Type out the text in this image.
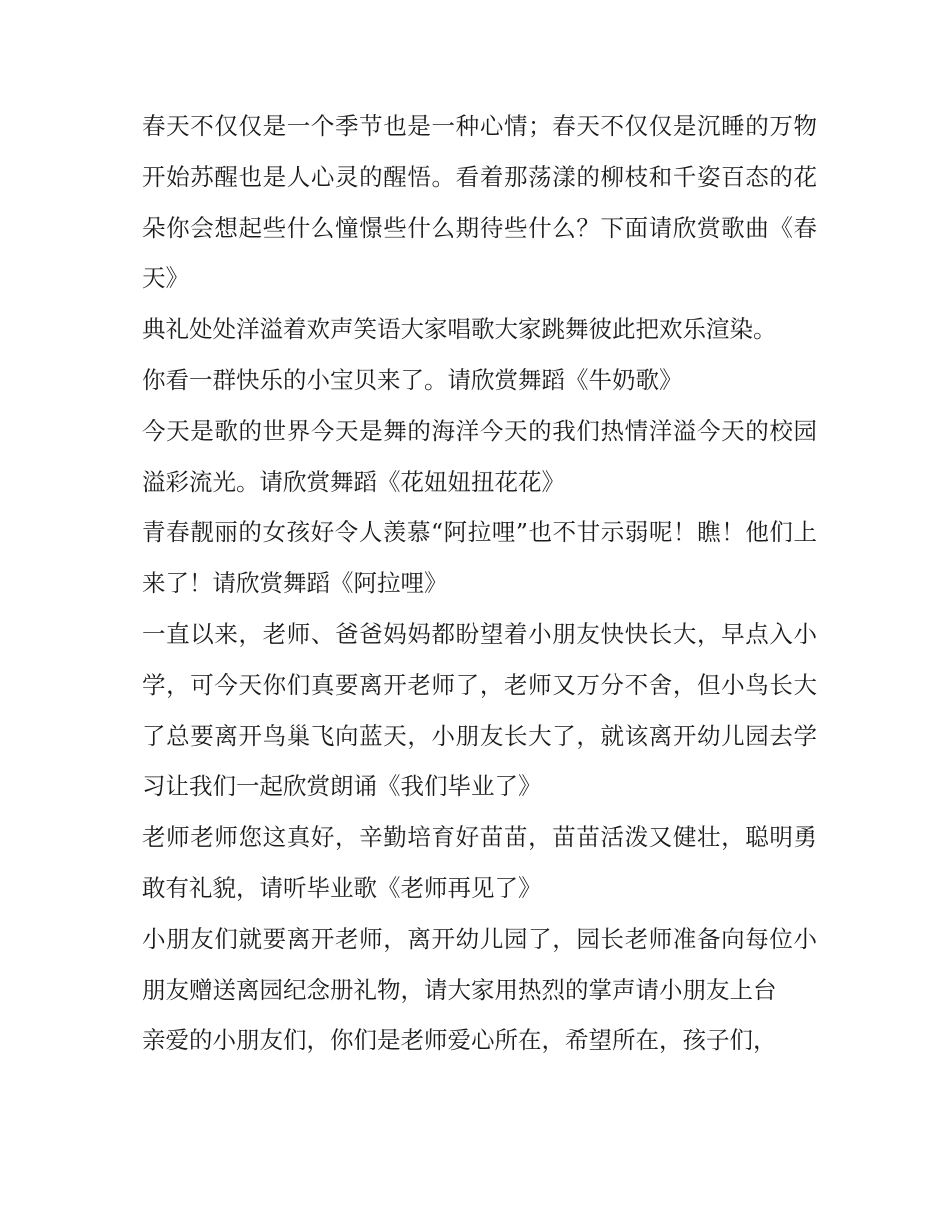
春天不仅仅是一个季节也是一种心情；春天不仅仅是沉睡的万物开始苏醒也是人心灵的醒悟。看着那荡漾的柳枝和千姿百态的花朵你会想起些什么憧憬些什么期待些什么？下面请欣赏歌曲《春天》

典礼处处洋溢着欢声笑语大家唱歌大家跳舞彼此把欢乐渲染。

你看一群快乐的小宝贝来了。请欣赏舞蹈《牛奶歌》

今天是歌的世界今天是舞的海洋今天的我们热情洋溢今天的校园溢彩流光。请欣赏舞蹈《花妞妞扭花花》

青春靓丽的女孩好令人羡慕“阿拉哩”也不甘示弱呢！瞧！他们上来了！请欣赏舞蹈《阿拉哩》

一直以来，老师、爸爸妈妈都盼望着小朋友快快长大，早点入小学，可今天你们真要离开老师了，老师又万分不舍，但小鸟长大了总要离开鸟巢飞向蓝天，小朋友长大了，就该离开幼儿园去学习让我们一起欣赏朗诵《我们毕业了》

老师老师您这真好，辛勤培育好苗苗，苗苗活泼又健壮，聪明勇敢有礼貌，请听毕业歌《老师再见了》

小朋友们就要离开老师，离开幼儿园了，园长老师准备向每位小朋友赠送离园纪念册礼物，请大家用热烈的掌声请小朋友上台

亲爱的小朋友们，你们是老师爱心所在，希望所在，孩子们，
